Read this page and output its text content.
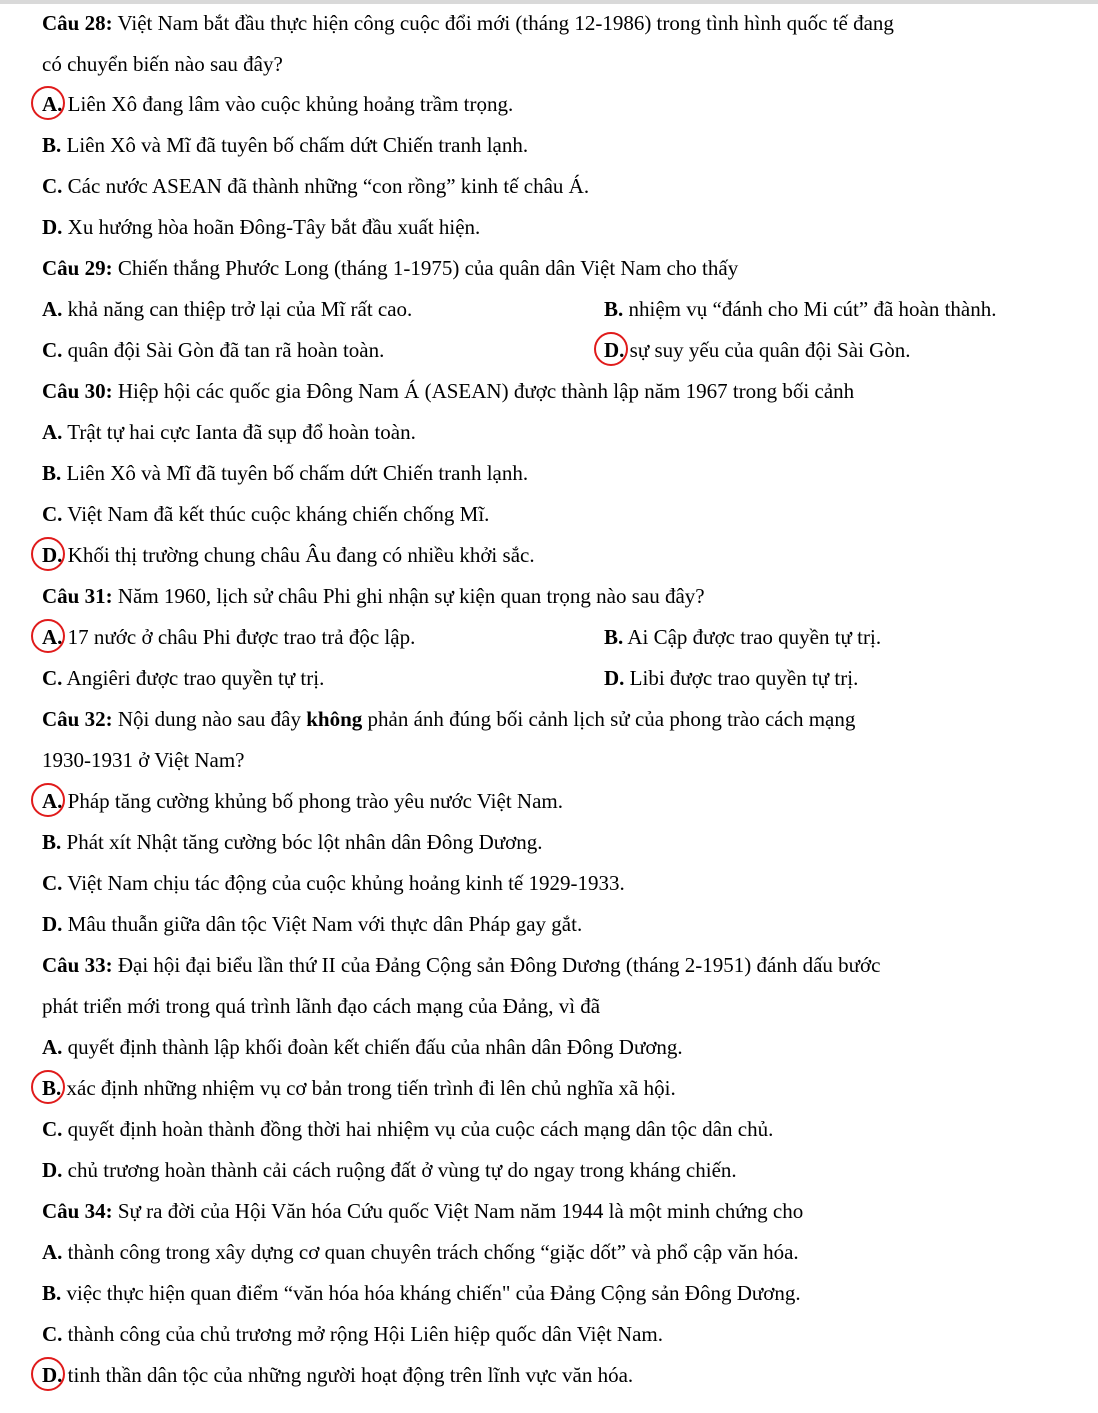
Câu 28: Việt Nam bắt đầu thực hiện công cuộc đổi mới (tháng 12-1986) trong tình hình quốc tế đang
có chuyển biến nào sau đây?
A. Liên Xô đang lâm vào cuộc khủng hoảng trầm trọng.
B. Liên Xô và Mĩ đã tuyên bố chấm dứt Chiến tranh lạnh.
C. Các nước ASEAN đã thành những “con rồng” kinh tế châu Á.
D. Xu hướng hòa hoãn Đông-Tây bắt đầu xuất hiện.
Câu 29: Chiến thắng Phước Long (tháng 1-1975) của quân dân Việt Nam cho thấy
A. khả năng can thiệp trở lại của Mĩ rất cao.	B. nhiệm vụ “đánh cho Mi cút” đã hoàn thành.
C. quân đội Sài Gòn đã tan rã hoàn toàn.	D. sự suy yếu của quân đội Sài Gòn.
Câu 30: Hiệp hội các quốc gia Đông Nam Á (ASEAN) được thành lập năm 1967 trong bối cảnh
A. Trật tự hai cực Ianta đã sụp đổ hoàn toàn.
B. Liên Xô và Mĩ đã tuyên bố chấm dứt Chiến tranh lạnh.
C. Việt Nam đã kết thúc cuộc kháng chiến chống Mĩ.
D. Khối thị trường chung châu Âu đang có nhiều khởi sắc.
Câu 31: Năm 1960, lịch sử châu Phi ghi nhận sự kiện quan trọng nào sau đây?
A. 17 nước ở châu Phi được trao trả độc lập.	B. Ai Cập được trao quyền tự trị.
C. Angiêri được trao quyền tự trị.	D. Libi được trao quyền tự trị.
Câu 32: Nội dung nào sau đây không phản ánh đúng bối cảnh lịch sử của phong trào cách mạng
1930-1931 ở Việt Nam?
A. Pháp tăng cường khủng bố phong trào yêu nước Việt Nam.
B. Phát xít Nhật tăng cường bóc lột nhân dân Đông Dương.
C. Việt Nam chịu tác động của cuộc khủng hoảng kinh tế 1929-1933.
D. Mâu thuẫn giữa dân tộc Việt Nam với thực dân Pháp gay gắt.
Câu 33: Đại hội đại biểu lần thứ II của Đảng Cộng sản Đông Dương (tháng 2-1951) đánh dấu bước
phát triển mới trong quá trình lãnh đạo cách mạng của Đảng, vì đã
A. quyết định thành lập khối đoàn kết chiến đấu của nhân dân Đông Dương.
B. xác định những nhiệm vụ cơ bản trong tiến trình đi lên chủ nghĩa xã hội.
C. quyết định hoàn thành đồng thời hai nhiệm vụ của cuộc cách mạng dân tộc dân chủ.
D. chủ trương hoàn thành cải cách ruộng đất ở vùng tự do ngay trong kháng chiến.
Câu 34: Sự ra đời của Hội Văn hóa Cứu quốc Việt Nam năm 1944 là một minh chứng cho
A. thành công trong xây dựng cơ quan chuyên trách chống “giặc dốt” và phổ cập văn hóa.
B. việc thực hiện quan điểm “văn hóa hóa kháng chiến" của Đảng Cộng sản Đông Dương.
C. thành công của chủ trương mở rộng Hội Liên hiệp quốc dân Việt Nam.
D. tinh thần dân tộc của những người hoạt động trên lĩnh vực văn hóa.
